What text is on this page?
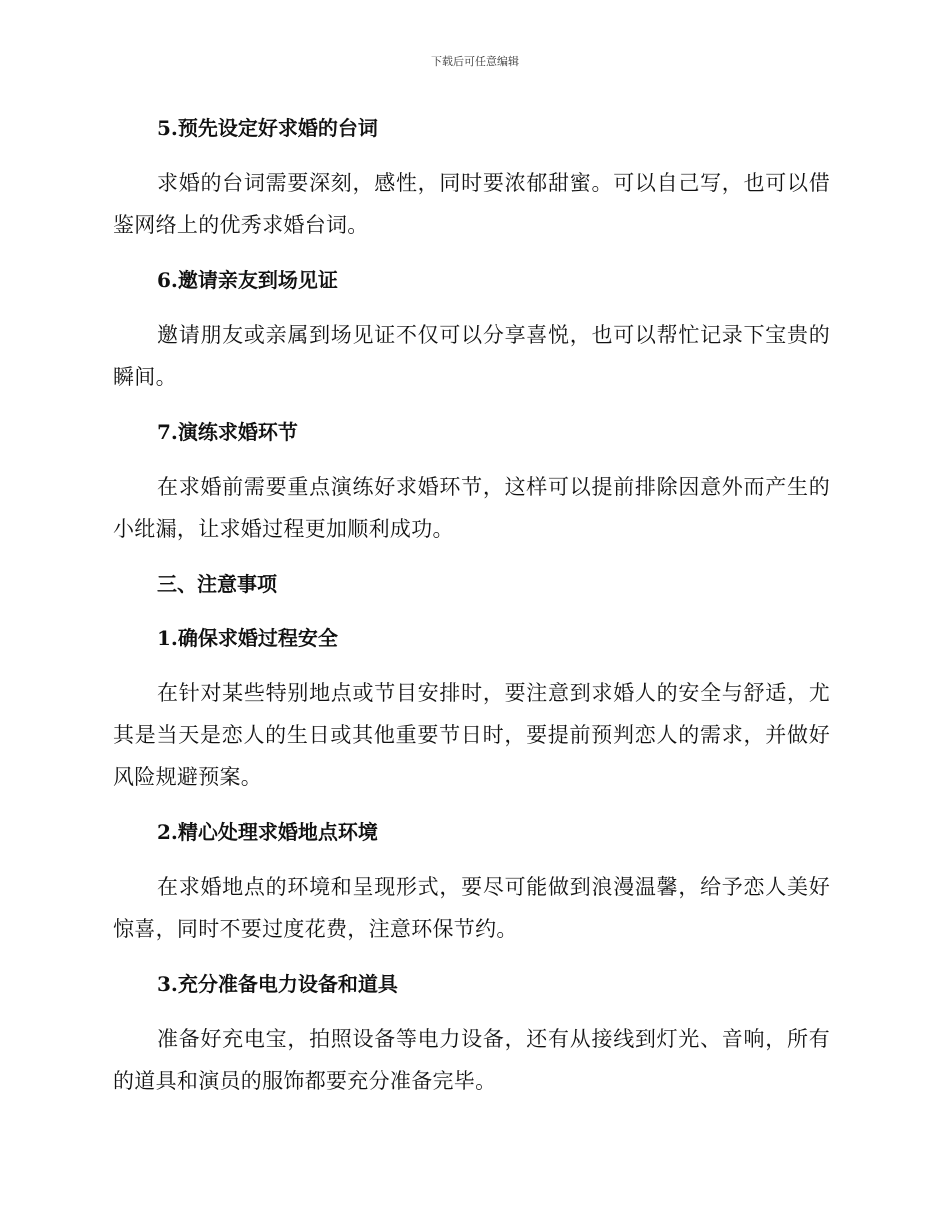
下载后可任意编辑
5.预先设定好求婚的台词

求婚的台词需要深刻，感性，同时要浓郁甜蜜。可以自己写，也可以借鉴网络上的优秀求婚台词。

6.邀请亲友到场见证

邀请朋友或亲属到场见证不仅可以分享喜悦，也可以帮忙记录下宝贵的瞬间。

7.演练求婚环节

在求婚前需要重点演练好求婚环节，这样可以提前排除因意外而产生的小纰漏，让求婚过程更加顺利成功。

三、注意事项
1.确保求婚过程安全

在针对某些特别地点或节目安排时，要注意到求婚人的安全与舒适，尤其是当天是恋人的生日或其他重要节日时，要提前预判恋人的需求，并做好风险规避预案。

2.精心处理求婚地点环境

在求婚地点的环境和呈现形式，要尽可能做到浪漫温馨，给予恋人美好惊喜，同时不要过度花费，注意环保节约。

3.充分准备电力设备和道具

准备好充电宝，拍照设备等电力设备，还有从接线到灯光、音响，所有的道具和演员的服饰都要充分准备完毕。
